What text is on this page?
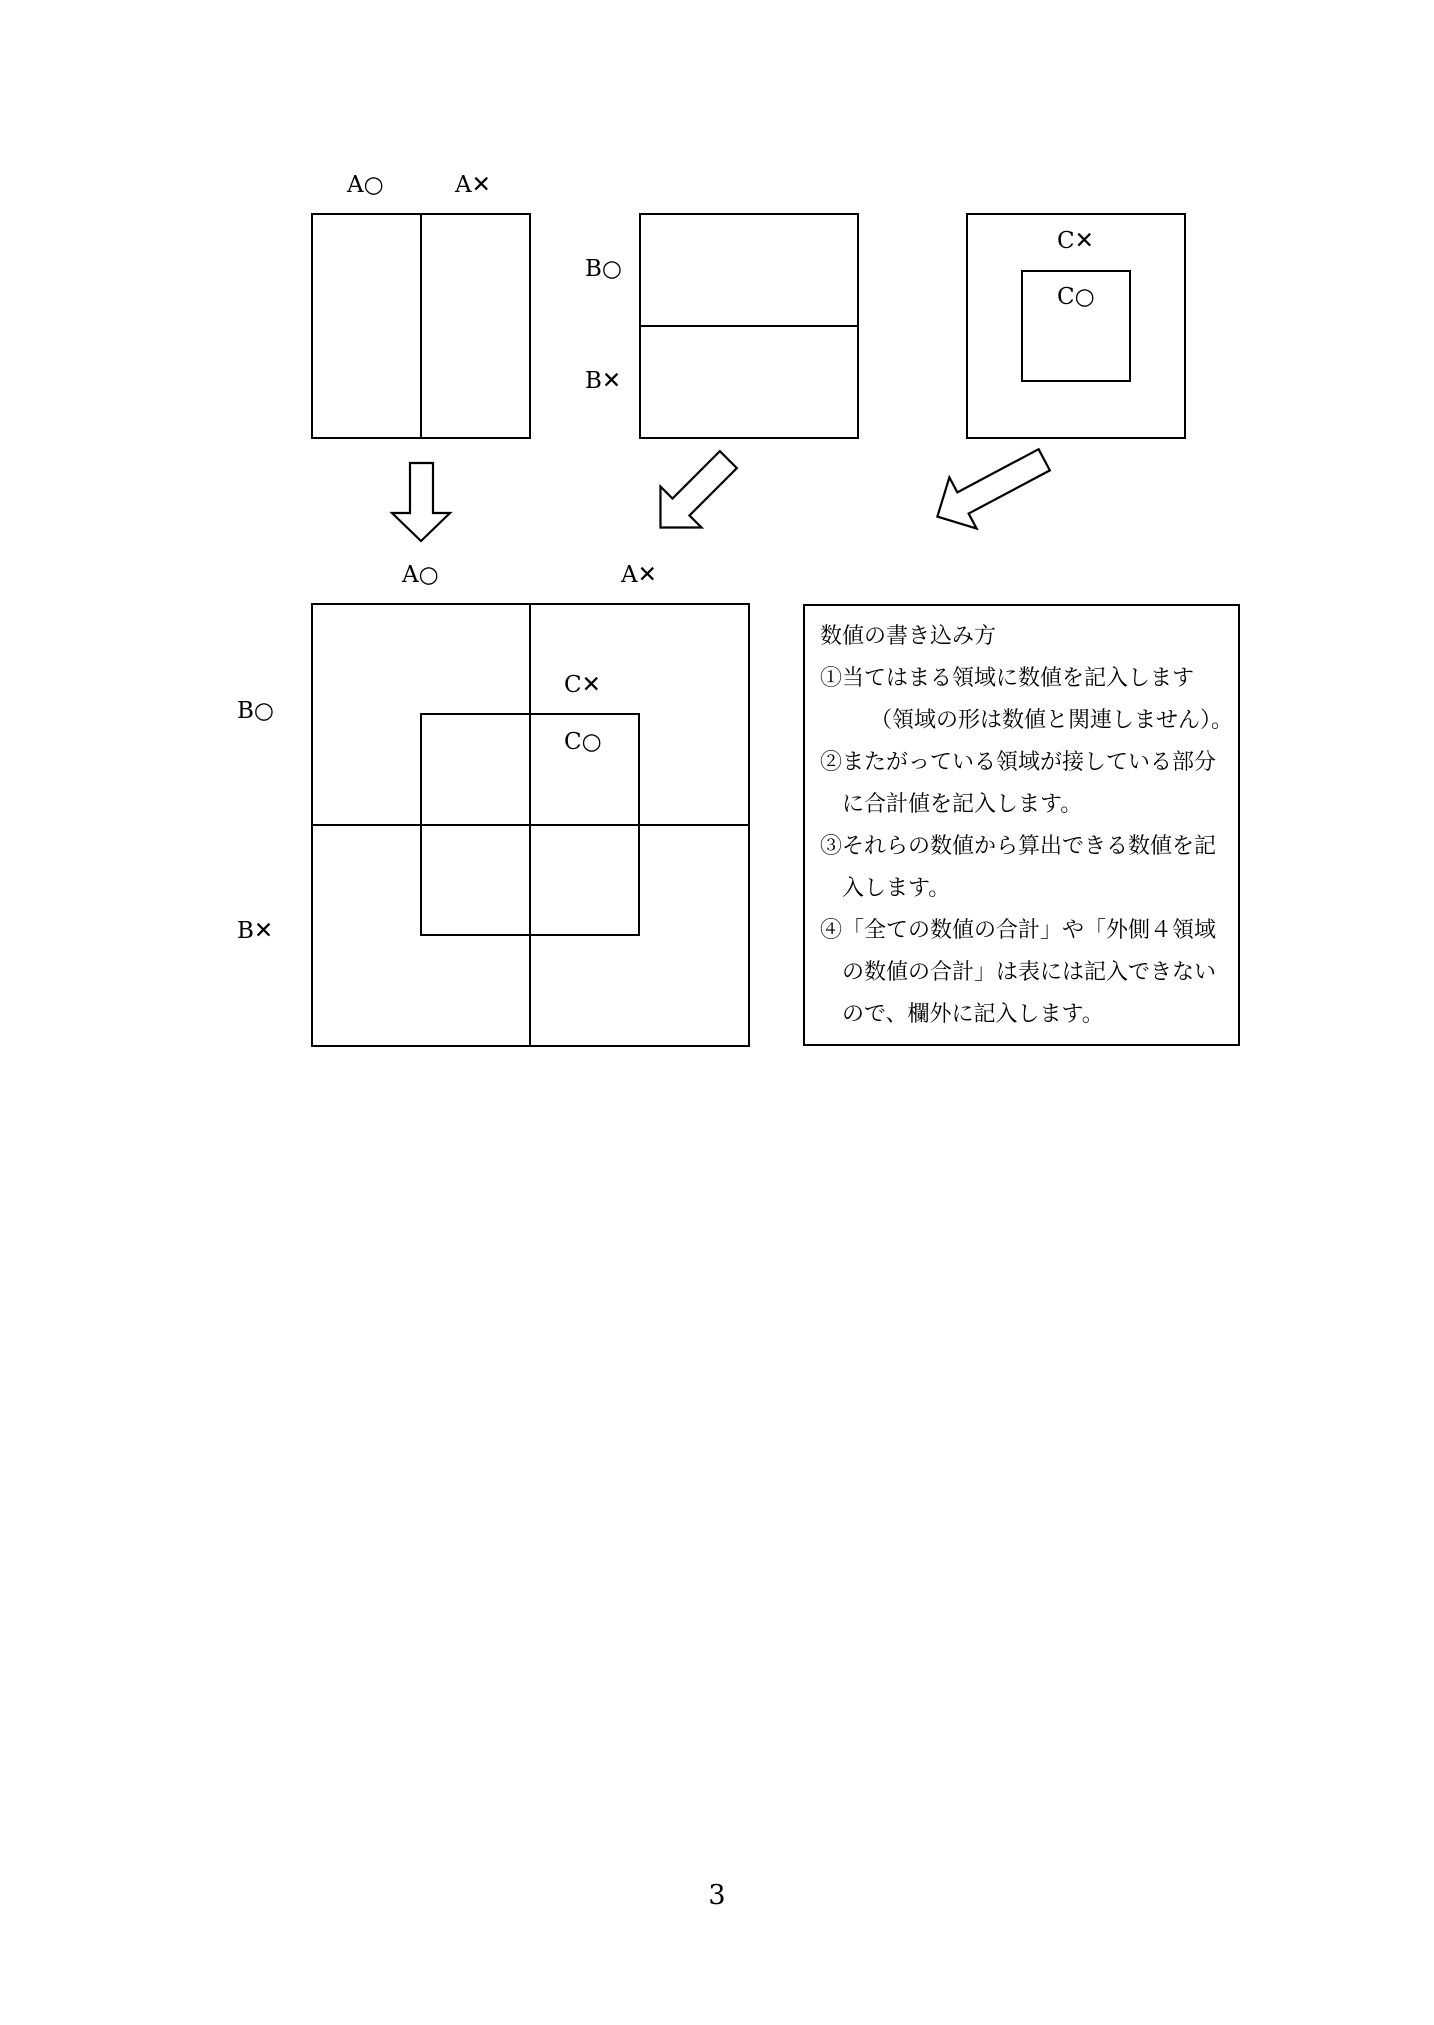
A○	A✕
B○
B✕
C✕
C○
A○	A✕
B○
B✕
C✕
C○
数値の書き込み方
①当てはまる領域に数値を記入します
（領域の形は数値と関連しません）。
②またがっている領域が接している部分に合計値を記入します。
③それらの数値から算出できる数値を記入します。
④「全ての数値の合計」や「外側４領域の数値の合計」は表には記入できないので、欄外に記入します。
3
